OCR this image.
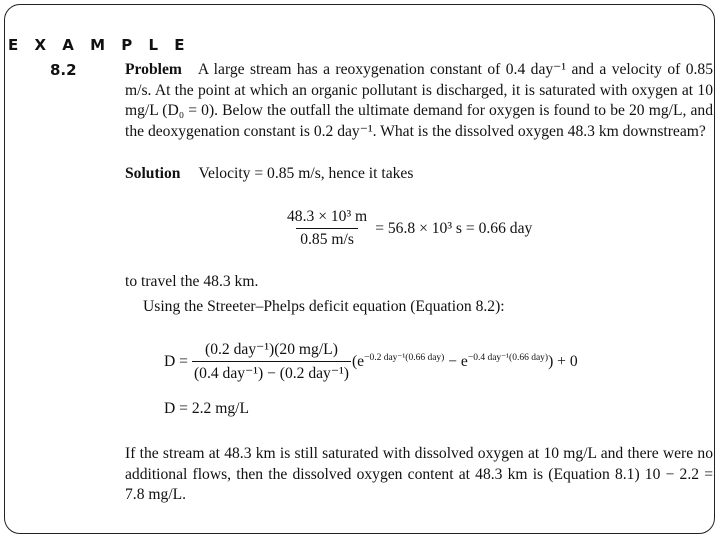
E X A M P L E
8.2	Problem A large stream has a reoxygenation constant of 0.4 day⁻¹ and a velocity of 0.85 m/s. At the point at which an organic pollutant is discharged, it is saturated with oxygen at 10 mg/L (D₀ = 0). Below the outfall the ultimate demand for oxygen is found to be 20 mg/L, and the deoxygenation constant is 0.2 day⁻¹. What is the dissolved oxygen 48.3 km downstream?
Solution Velocity = 0.85 m/s, hence it takes
$\frac{\text{48.3 × 10³ m}}{0.85 m/s} = 56.8 \times 10^3$ s = 0.66 day
to travel the 48.3 km.
Using the Streeter–Phelps deficit equation (Equation 8.2):
$D = \frac{\text{(0.2 day⁻¹)(20 mg/L)}}{\text{(0.4 day⁻¹) − (0.2 day⁻¹)}} (e^{-0.2 day^{-1}(0.66 day)} - e^{-0.4 day^{-1}(0.66 day)}) + 0$
D = 2.2 mg/L
If the stream at 48.3 km is still saturated with dissolved oxygen at 10 mg/L and there were no additional flows, then the dissolved oxygen content at 48.3 km is (Equation 8.1) 10 − 2.2 = 7.8 mg/L.
